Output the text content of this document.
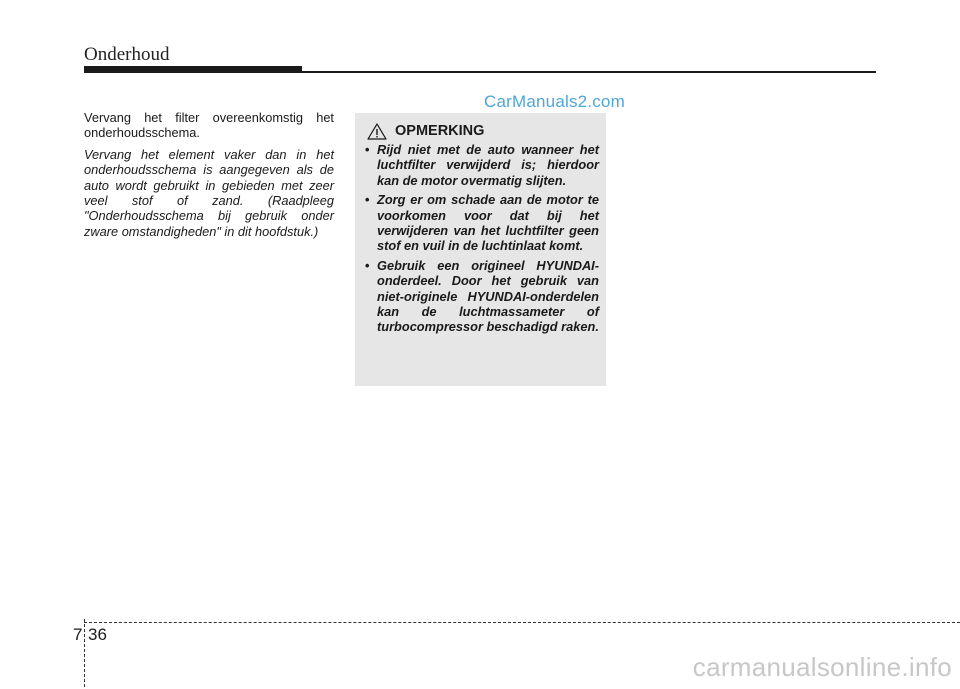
Onderhoud
CarManuals2.com

Vervang het filter overeenkomstig het onderhoudsschema.

Vervang het element vaker dan in het onderhoudsschema is aangegeven als de auto wordt gebruikt in gebieden met zeer veel stof of zand. (Raadpleeg "Onderhoudsschema bij gebruik onder zware omstandigheden" in dit hoofdstuk.)

OPMERKING
• Rijd niet met de auto wanneer het luchtfilter verwijderd is; hierdoor kan de motor overmatig slijten.
• Zorg er om schade aan de motor te voorkomen voor dat bij het verwijderen van het luchtfilter geen stof en vuil in de luchtinlaat komt.
• Gebruik een origineel HYUNDAI-onderdeel. Door het gebruik van niet-originele HYUNDAI-onderdelen kan de luchtmassameter of turbocompressor beschadigd raken.
7 36
carmanualsonline.info
